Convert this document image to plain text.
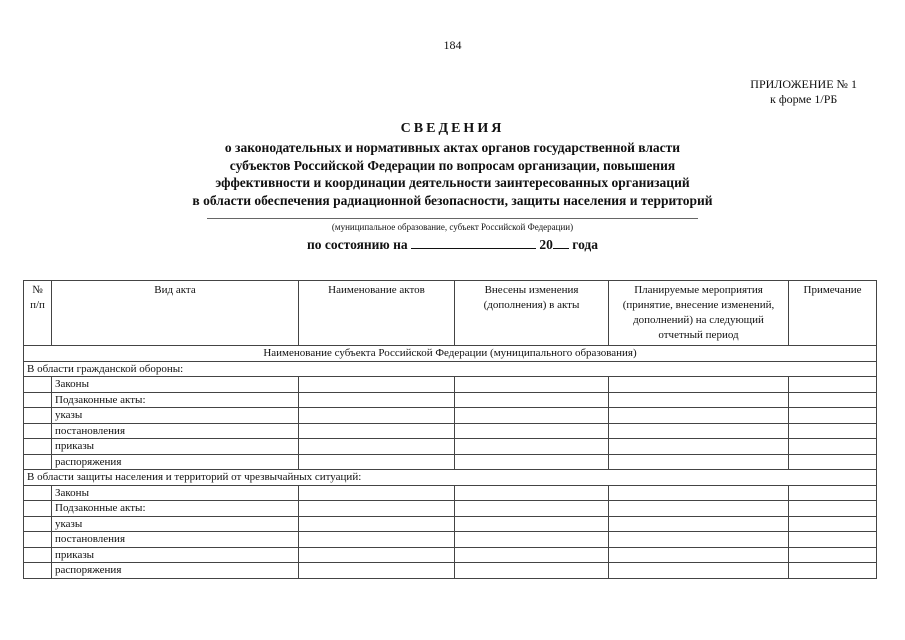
184
ПРИЛОЖЕНИЕ № 1
к форме 1/РБ
СВЕДЕНИЯ
о законодательных и нормативных актах органов государственной власти
субъектов Российской Федерации по вопросам организации, повышения
эффективности и координации деятельности заинтересованных организаций
в области обеспечения радиационной безопасности, защиты населения и территорий
(муниципальное образование, субъект Российской Федерации)
по состоянию на	20 года
№ п/п	Вид акта	Наименование актов	Внесены изменения (дополнения) в акты	Планируемые мероприятия (принятие, внесение изменений, дополнений) на следующий отчетный период	Примечание
Наименование субъекта Российской Федерации (муниципального образования)					
В области гражданской обороны:					
	Законы				
	Подзаконные акты:				
	указы				
	постановления				
	приказы				
	распоряжения				
В области защиты населения и территорий от чрезвычайных ситуаций:					
	Законы				
	Подзаконные акты:				
	указы				
	постановления				
	приказы				
	распоряжения				
